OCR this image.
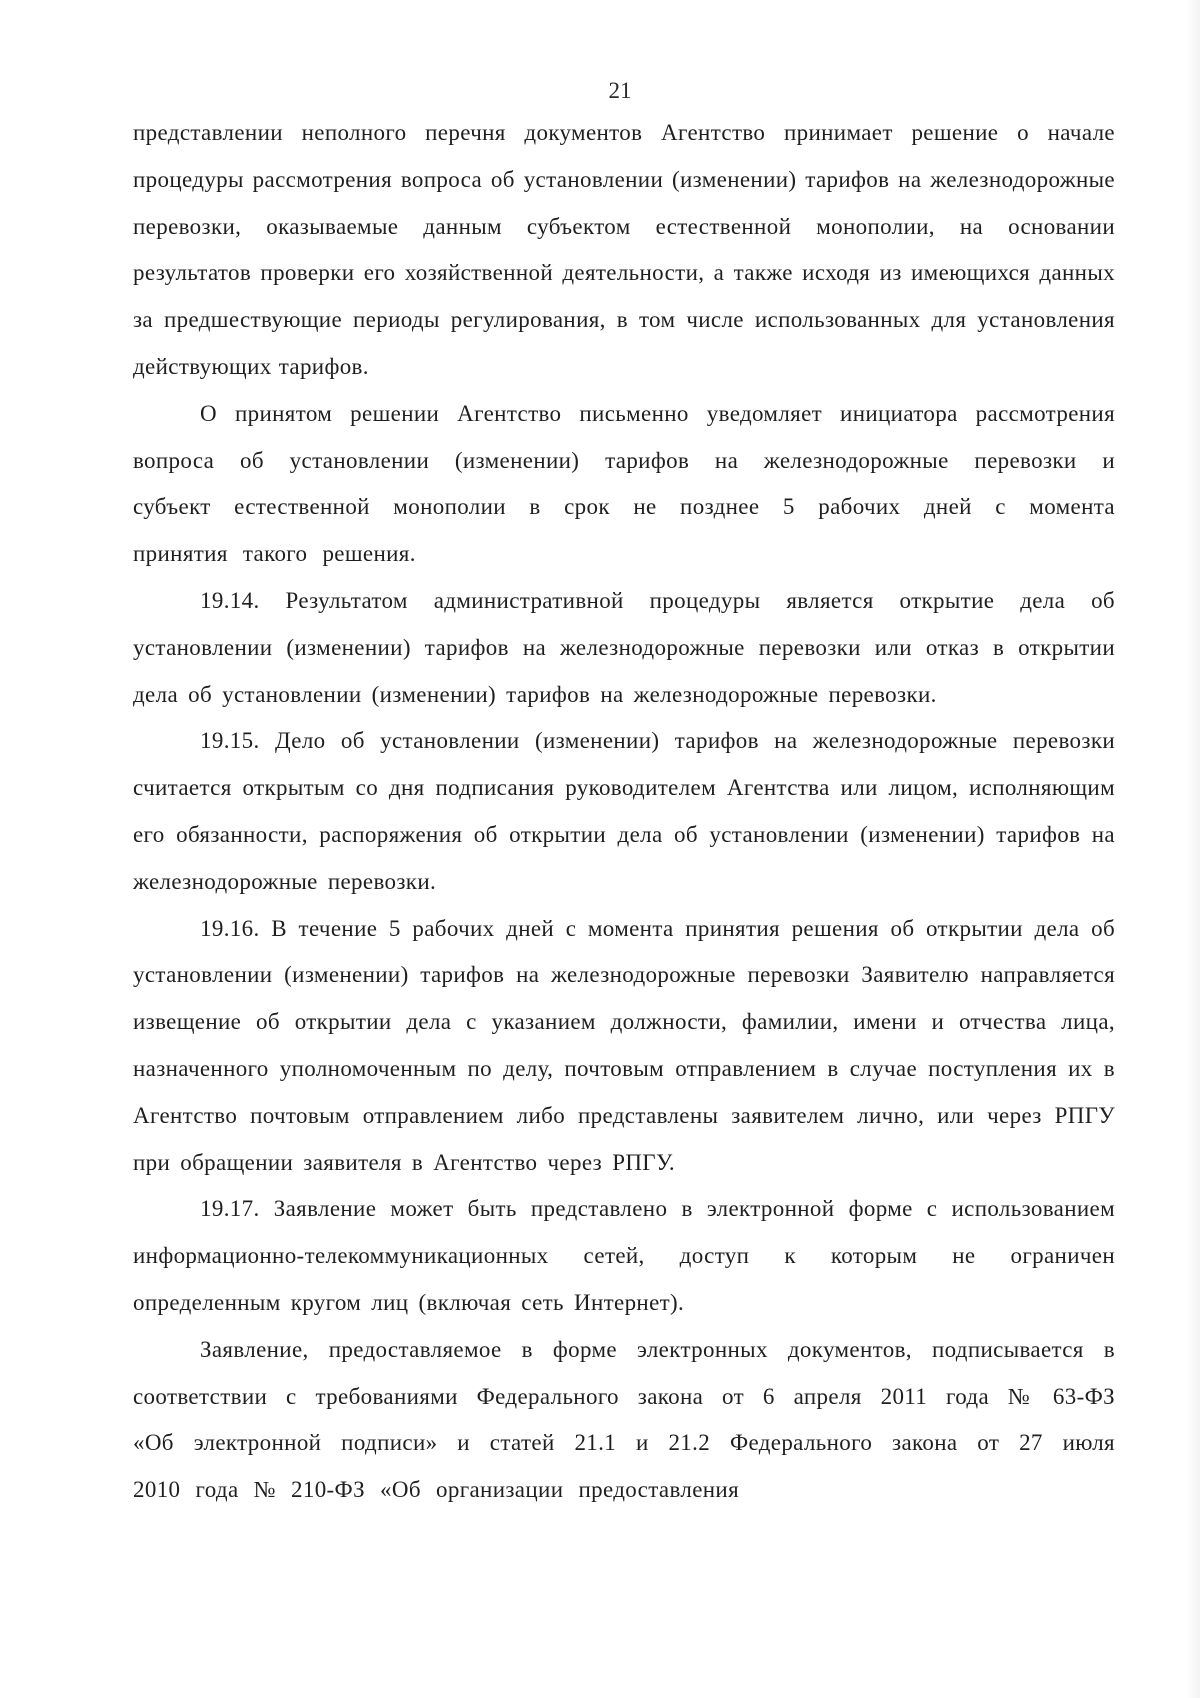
21

представлении неполного перечня документов Агентство принимает решение о начале процедуры рассмотрения вопроса об установлении (изменении) тарифов на железнодорожные перевозки, оказываемые данным субъектом естественной монополии, на основании результатов проверки его хозяйственной деятельности, а также исходя из имеющихся данных за предшествующие периоды регулирования, в том числе использованных для установления действующих тарифов.

О принятом решении Агентство письменно уведомляет инициатора рассмотрения вопроса об установлении (изменении) тарифов на железнодорожные перевозки и субъект естественной монополии в срок не позднее 5 рабочих дней с момента принятия такого решения.

19.14. Результатом административной процедуры является открытие дела об установлении (изменении) тарифов на железнодорожные перевозки или отказ в открытии дела об установлении (изменении) тарифов на железнодорожные перевозки.

19.15. Дело об установлении (изменении) тарифов на железнодорожные перевозки считается открытым со дня подписания руководителем Агентства или лицом, исполняющим его обязанности, распоряжения об открытии дела об установлении (изменении) тарифов на железнодорожные перевозки.

19.16. В течение 5 рабочих дней с момента принятия решения об открытии дела об установлении (изменении) тарифов на железнодорожные перевозки Заявителю направляется извещение об открытии дела с указанием должности, фамилии, имени и отчества лица, назначенного уполномоченным по делу, почтовым отправлением в случае поступления их в Агентство почтовым отправлением либо представлены заявителем лично, или через РПГУ при обращении заявителя в Агентство через РПГУ.

19.17. Заявление может быть представлено в электронной форме с использованием информационно-телекоммуникационных сетей, доступ к которым не ограничен определенным кругом лиц (включая сеть Интернет).

Заявление, предоставляемое в форме электронных документов, подписывается в соответствии с требованиями Федерального закона от 6 апреля 2011 года № 63-ФЗ «Об электронной подписи» и статей 21.1 и 21.2 Федерального закона от 27 июля 2010 года № 210-ФЗ «Об организации предоставления
